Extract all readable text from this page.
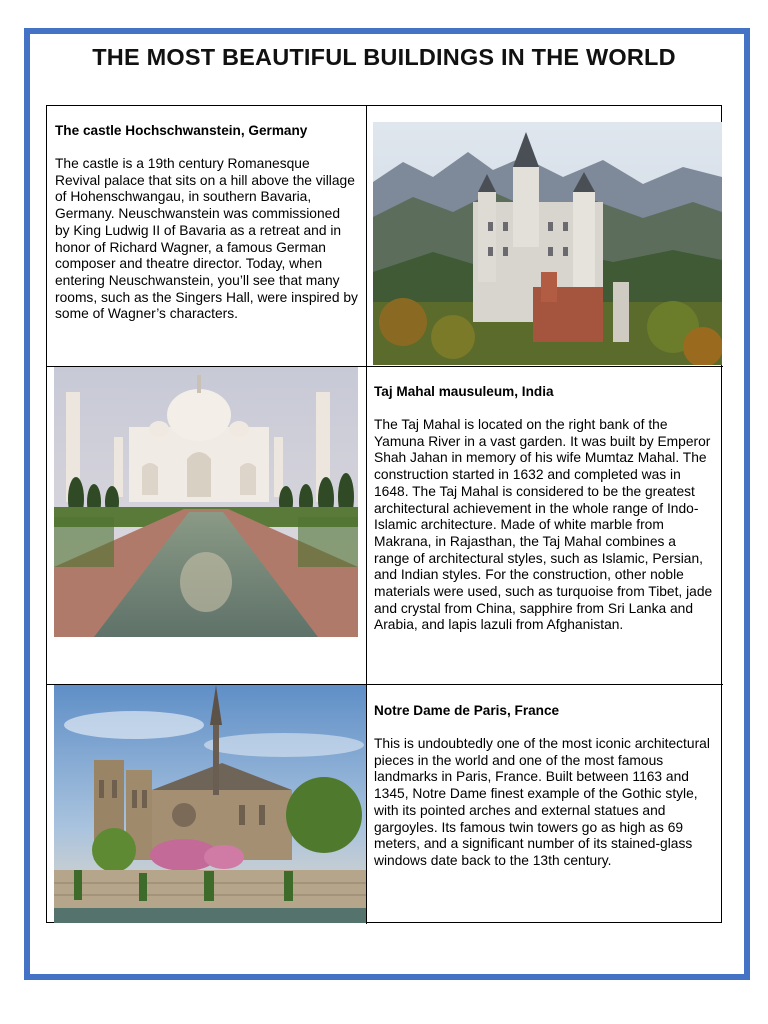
THE MOST BEAUTIFUL BUILDINGS IN THE WORLD
The castle Hochschwanstein, Germany

The castle is a 19th century Romanesque Revival palace that sits on a hill above the village of Hohenschwangau, in southern Bavaria, Germany. Neuschwanstein was commissioned by King Ludwig II of Bavaria as a retreat and in honor of Richard Wagner, a famous German composer and theatre director. Today, when entering Neuschwanstein, you’ll see that many rooms, such as the Singers Hall, were inspired by some of Wagner’s characters.

Taj Mahal mausuleum, India

The Taj Mahal is located on the right bank of the Yamuna River in a vast garden. It was built by Emperor Shah Jahan in memory of his wife Mumtaz Mahal. The construction started in 1632 and completed was in 1648. The Taj Mahal is considered to be the greatest architectural achievement in the whole range of Indo-Islamic architecture. Made of white marble from Makrana, in Rajasthan, the Taj Mahal combines a range of architectural styles, such as Islamic, Persian, and Indian styles. For the construction, other noble materials were used, such as turquoise from Tibet, jade and crystal from China, sapphire from Sri Lanka and Arabia, and lapis lazuli from Afghanistan.

Notre Dame de Paris, France

This is undoubtedly one of the most iconic architectural pieces in the world and one of the most famous landmarks in Paris, France. Built between 1163 and 1345, Notre Dame finest example of the Gothic style, with its pointed arches and external statues and gargoyles. Its famous twin towers go as high as 69 meters, and a significant number of its stained-glass windows date back to the 13th century.
